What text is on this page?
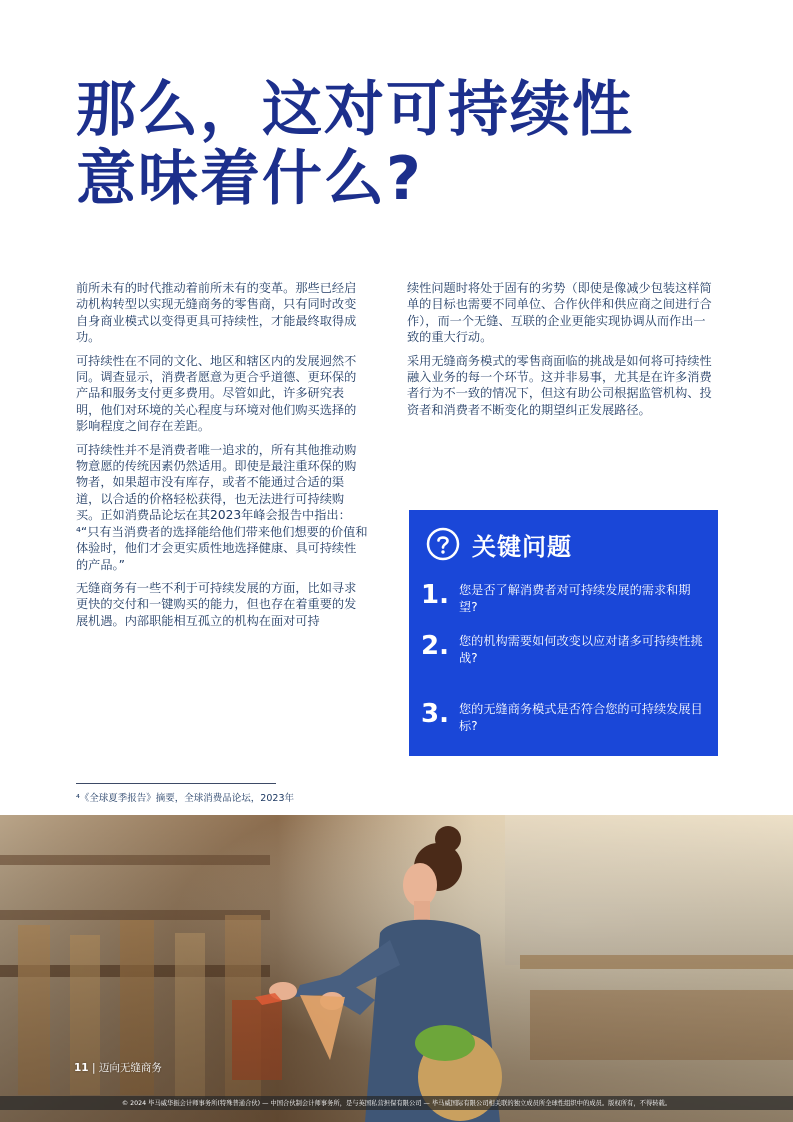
那么，这对可持续性
意味着什么?

前所未有的时代推动着前所未有的变革。那些已经启动机构转型以实现无缝商务的零售商，只有同时改变自身商业模式以变得更具可持续性，才能最终取得成功。

可持续性在不同的文化、地区和辖区内的发展迥然不同。调查显示，消费者愿意为更合乎道德、更环保的产品和服务支付更多费用。尽管如此，许多研究表明，他们对环境的关心程度与环境对他们购买选择的影响程度之间存在差距。

可持续性并不是消费者唯一追求的，所有其他推动购物意愿的传统因素仍然适用。即使是最注重环保的购物者，如果超市没有库存，或者不能通过合适的渠道，以合适的价格轻松获得，也无法进行可持续购买。正如消费品论坛在其2023年峰会报告中指出：⁴“只有当消费者的选择能给他们带来他们想要的价值和体验时，他们才会更实质性地选择健康、具可持续性的产品。”

无缝商务有一些不利于可持续发展的方面，比如寻求更快的交付和一键购买的能力，但也存在着重要的发展机遇。内部职能相互孤立的机构在面对可持

续性问题时将处于固有的劣势（即使是像减少包装这样简单的目标也需要不同单位、合作伙伴和供应商之间进行合作），而一个无缝、互联的企业更能实现协调从而作出一致的重大行动。

采用无缝商务模式的零售商面临的挑战是如何将可持续性融入业务的每一个环节。这并非易事，尤其是在许多消费者行为不一致的情况下，但这有助公司根据监管机构、投资者和消费者不断变化的期望纠正发展路径。

关键问题
1. 您是否了解消费者对可持续发展的需求和期望?
2. 您的机构需要如何改变以应对诸多可持续性挑战?
3. 您的无缝商务模式是否符合您的可持续发展目标?
⁴《全球夏季报告》摘要，全球消费品论坛，2023年
11 | 迈向无缝商务
© 2024 毕马威华振会计师事务所(特殊普通合伙) — 中国合伙制会计师事务所，是与英国私营担保有限公司 — 毕马威国际有限公司相关联的独立成员所全球性组织中的成员。版权所有，不得转载。
